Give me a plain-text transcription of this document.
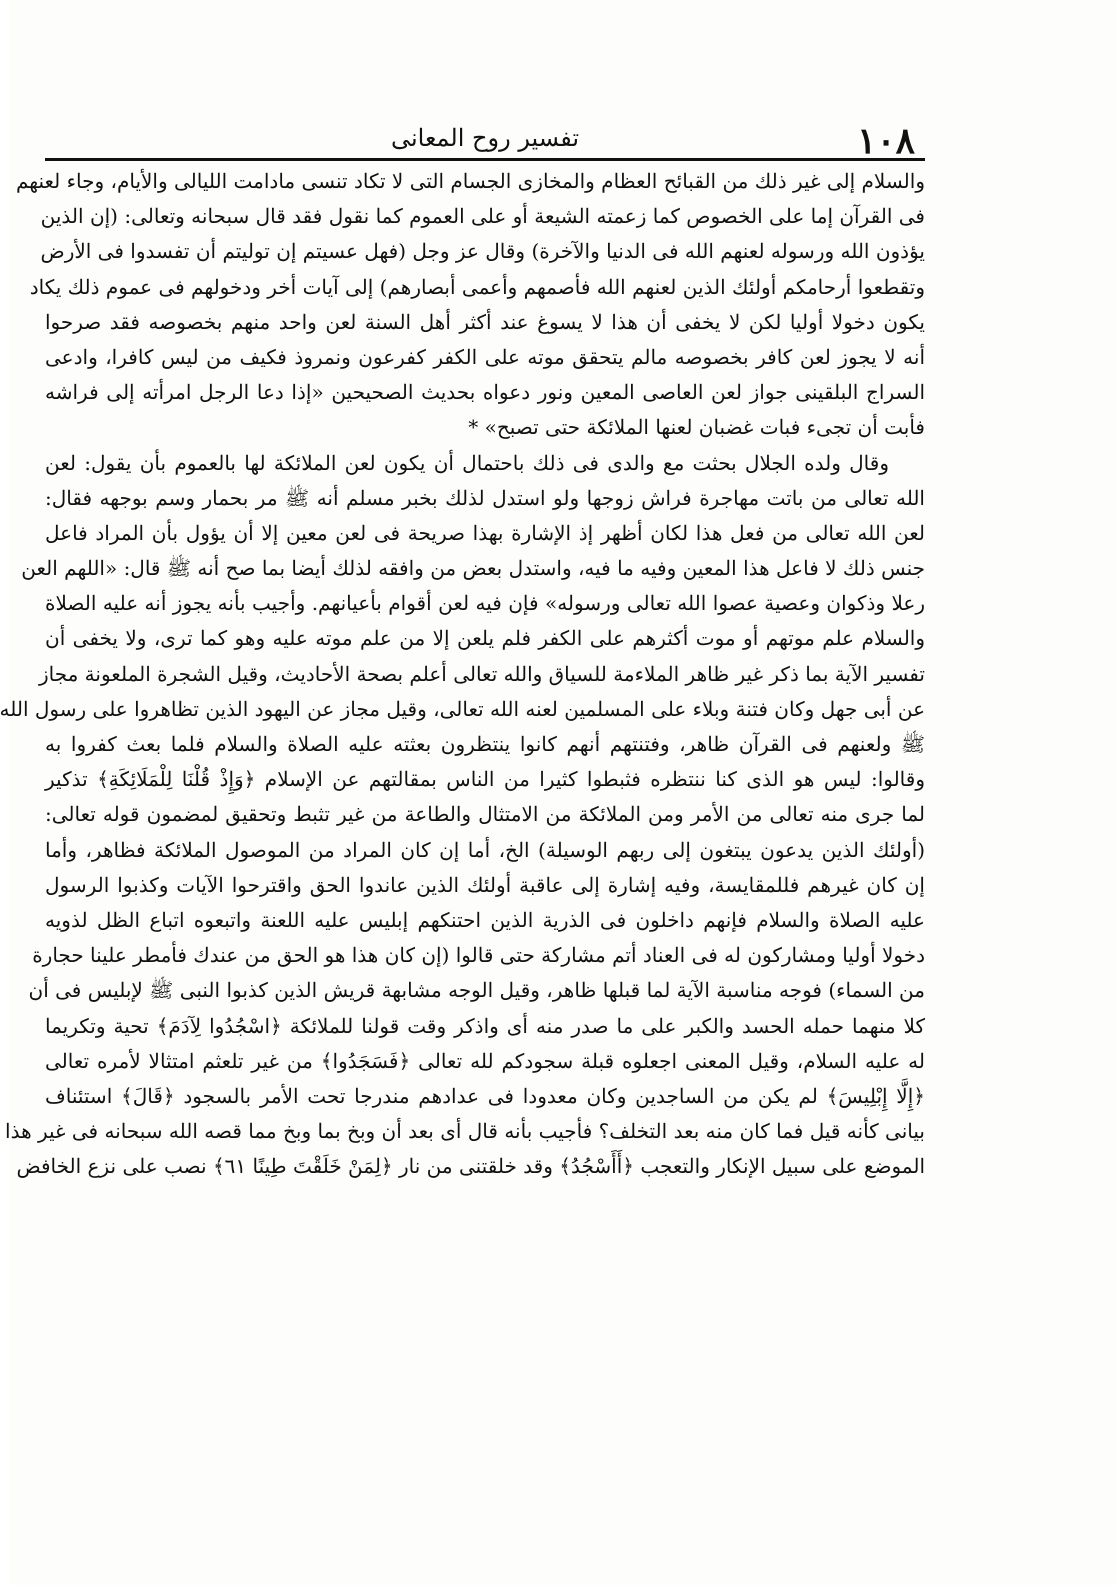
١٠٨
تفسير روح المعانى
والسلام إلى غير ذلك من القبائح العظام والمخازى الجسام التى لا تكاد تنسى مادامت الليالى والأيام، وجاء لعنهم
فى القرآن إما على الخصوص كما زعمته الشيعة أو على العموم كما نقول فقد قال سبحانه وتعالى: (إن الذين
يؤذون الله ورسوله لعنهم الله فى الدنيا والآخرة) وقال عز وجل (فهل عسيتم إن توليتم أن تفسدوا فى الأرض
وتقطعوا أرحامكم أولئك الذين لعنهم الله فأصمهم وأعمى أبصارهم) إلى آيات أخر ودخولهم فى عموم ذلك يكاد
يكون دخولا أوليا لكن لا يخفى أن هذا لا يسوغ عند أكثر أهل السنة لعن واحد منهم بخصوصه فقد صرحوا
أنه لا يجوز لعن كافر بخصوصه مالم يتحقق موته على الكفر كفرعون ونمروذ فكيف من ليس كافرا، وادعى
السراج البلقينى جواز لعن العاصى المعين ونور دعواه بحديث الصحيحين «إذا دعا الرجل امرأته إلى فراشه
فأبت أن تجىء فبات غضبان لعنها الملائكة حتى تصبح» *
وقال ولده الجلال بحثت مع والدى فى ذلك باحتمال أن يكون لعن الملائكة لها بالعموم بأن يقول: لعن
الله تعالى من باتت مهاجرة فراش زوجها ولو استدل لذلك بخبر مسلم أنه ﷺ مر بحمار وسم بوجهه فقال:
لعن الله تعالى من فعل هذا لكان أظهر إذ الإشارة بهذا صريحة فى لعن معين إلا أن يؤول بأن المراد فاعل
جنس ذلك لا فاعل هذا المعين وفيه ما فيه، واستدل بعض من وافقه لذلك أيضا بما صح أنه ﷺ قال: «اللهم العن
رعلا وذكوان وعصية عصوا الله تعالى ورسوله» فإن فيه لعن أقوام بأعيانهم. وأجيب بأنه يجوز أنه عليه الصلاة
والسلام علم موتهم أو موت أكثرهم على الكفر فلم يلعن إلا من علم موته عليه وهو كما ترى، ولا يخفى أن
تفسير الآية بما ذكر غير ظاهر الملاءمة للسياق والله تعالى أعلم بصحة الأحاديث، وقيل الشجرة الملعونة مجاز
عن أبى جهل وكان فتنة وبلاء على المسلمين لعنه الله تعالى، وقيل مجاز عن اليهود الذين تظاهروا على رسول الله
ﷺ ولعنهم فى القرآن ظاهر، وفتنتهم أنهم كانوا ينتظرون بعثته عليه الصلاة والسلام فلما بعث كفروا به
وقالوا: ليس هو الذى كنا ننتظره فثبطوا كثيرا من الناس بمقالتهم عن الإسلام ﴿وَإِذْ قُلْنَا لِلْمَلَائِكَةِ﴾ تذكير
لما جرى منه تعالى من الأمر ومن الملائكة من الامتثال والطاعة من غير تثبط وتحقيق لمضمون قوله تعالى:
(أولئك الذين يدعون يبتغون إلى ربهم الوسيلة) الخ، أما إن كان المراد من الموصول الملائكة فظاهر، وأما
إن كان غيرهم فللمقايسة، وفيه إشارة إلى عاقبة أولئك الذين عاندوا الحق واقترحوا الآيات وكذبوا الرسول
عليه الصلاة والسلام فإنهم داخلون فى الذرية الذين احتنكهم إبليس عليه اللعنة واتبعوه اتباع الظل لذويه
دخولا أوليا ومشاركون له فى العناد أتم مشاركة حتى قالوا (إن كان هذا هو الحق من عندك فأمطر علينا حجارة
من السماء) فوجه مناسبة الآية لما قبلها ظاهر، وقيل الوجه مشابهة قريش الذين كذبوا النبى ﷺ لإبليس فى أن
كلا منهما حمله الحسد والكبر على ما صدر منه أى واذكر وقت قولنا للملائكة ﴿اسْجُدُوا لِآدَمَ﴾ تحية وتكريما
له عليه السلام، وقيل المعنى اجعلوه قبلة سجودكم لله تعالى ﴿فَسَجَدُوا﴾ من غير تلعثم امتثالا لأمره تعالى
﴿إِلَّا إِبْلِيسَ﴾ لم يكن من الساجدين وكان معدودا فى عدادهم مندرجا تحت الأمر بالسجود ﴿قَالَ﴾ استئناف
بيانى كأنه قيل فما كان منه بعد التخلف؟ فأجيب بأنه قال أى بعد أن وبخ بما وبخ مما قصه الله سبحانه فى غير هذا
الموضع على سبيل الإنكار والتعجب ﴿أَأَسْجُدُ﴾ وقد خلقتنى من نار ﴿لِمَنْ خَلَقْتَ طِينًا ٦١﴾ نصب على نزع الخافض
